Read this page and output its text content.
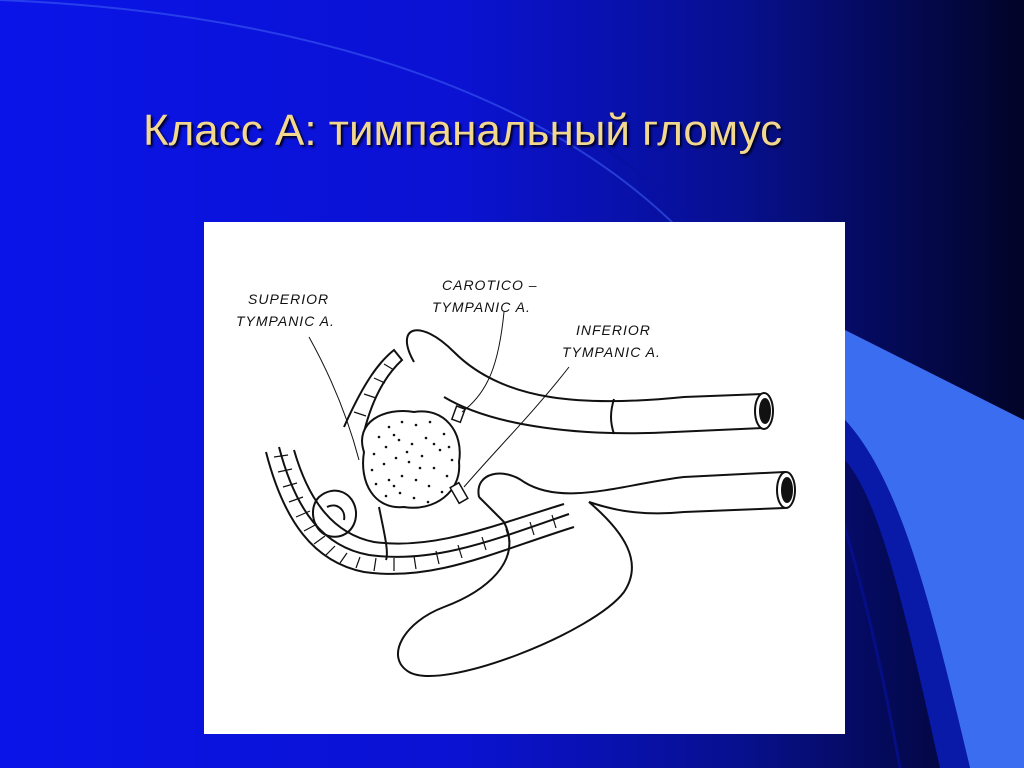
Класс А: тимпанальный гломус
SUPERIOR
TYMPANIC A.
CAROTICO –
TYMPANIC A.
INFERIOR
TYMPANIC A.
